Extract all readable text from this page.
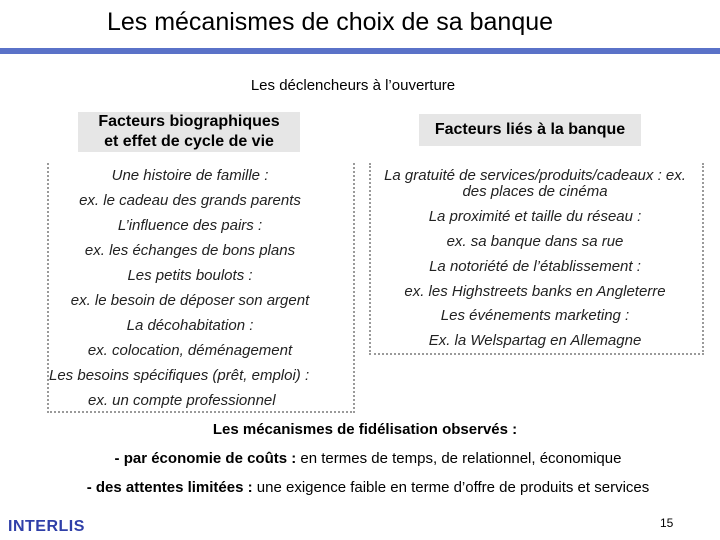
Les mécanismes de choix de sa banque
Les déclencheurs à l’ouverture
Facteurs biographiques
et effet de cycle de vie
Facteurs liés à la banque
Une histoire de famille :
ex. le cadeau des grands parents
L’influence des pairs :
ex. les échanges de bons plans
Les petits boulots :
ex. le besoin de déposer son argent
La décohabitation :
ex. colocation, déménagement
Les besoins spécifiques (prêt, emploi) :
ex. un compte professionnel
La gratuité de services/produits/cadeaux : ex.
des places de cinéma
La proximité et taille du réseau :
ex. sa banque dans sa rue
La notoriété de l’établissement :
ex. les Highstreets banks en Angleterre
Les événements marketing :
Ex. la Welspartag en Allemagne
Les mécanismes de fidélisation observés :
- par économie de coûts : en termes de temps, de relationnel, économique
- des attentes limitées : une exigence faible en terme d’offre de produits et services
INTERLIS	15
